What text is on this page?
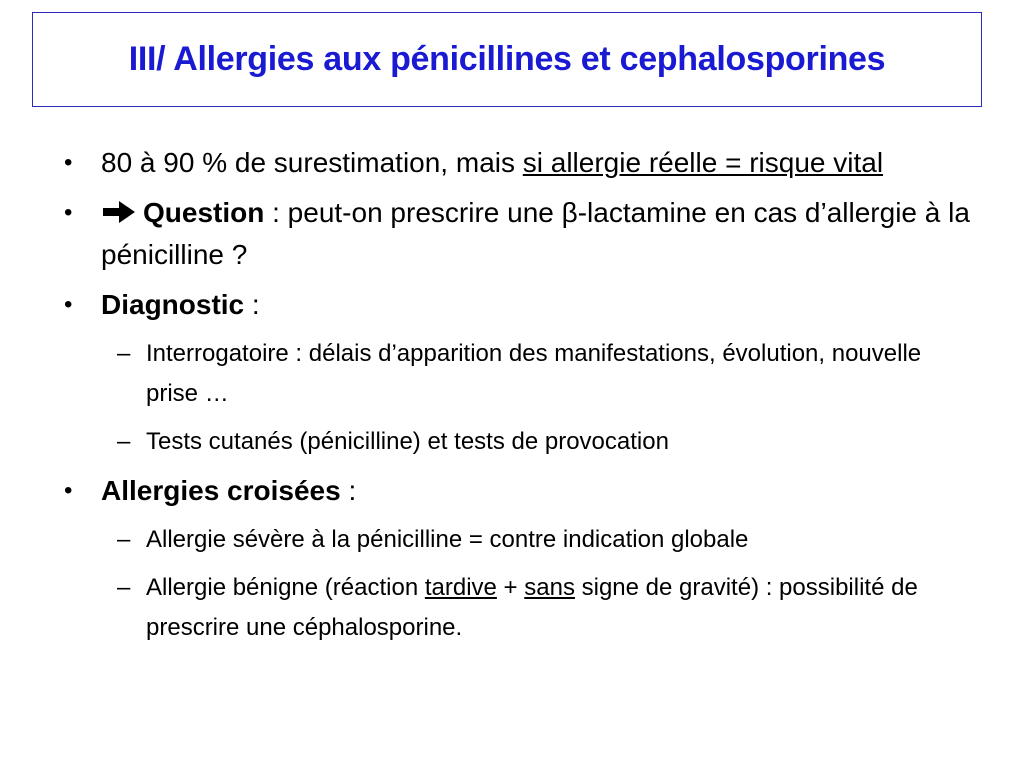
III/ Allergies aux pénicillines et cephalosporines
• 80 à 90 % de surestimation, mais si allergie réelle = risque vital
•	Question : peut-on prescrire une β-lactamine en cas d’allergie à la pénicilline ?
• Diagnostic :
– Interrogatoire : délais d’apparition des manifestations, évolution, nouvelle prise …
– Tests cutanés (pénicilline) et tests de provocation
• Allergies croisées :
– Allergie sévère à la pénicilline = contre indication globale
– Allergie bénigne (réaction tardive + sans signe de gravité) : possibilité de prescrire une céphalosporine.
